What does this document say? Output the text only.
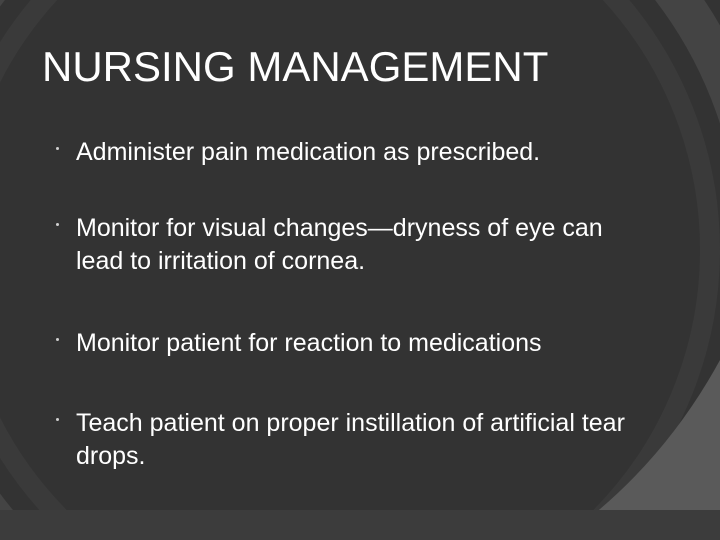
NURSING MANAGEMENT
Administer pain medication as prescribed.
Monitor for visual changes—dryness of eye can lead to irritation of cornea.
Monitor patient for reaction to medications
Teach patient on proper instillation of artificial tear drops.
